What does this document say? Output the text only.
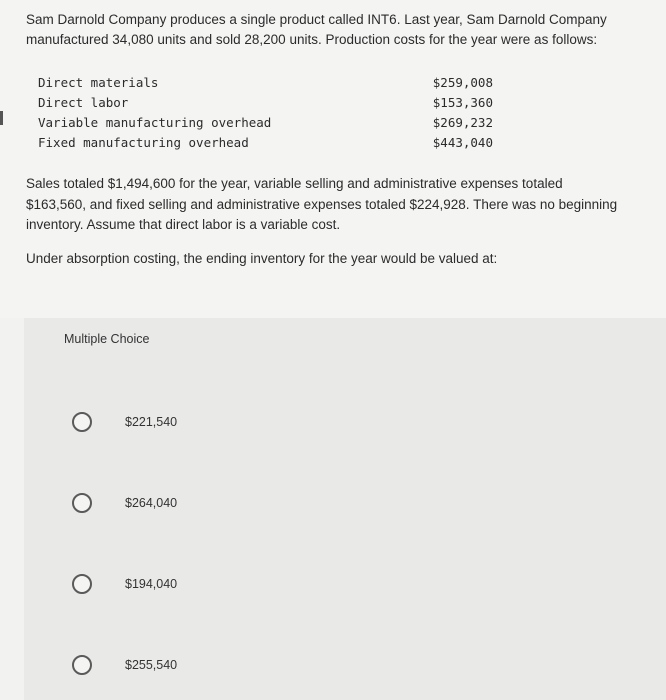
Sam Darnold Company produces a single product called INT6. Last year, Sam Darnold Company manufactured 34,080 units and sold 28,200 units. Production costs for the year were as follows:

Direct materials	$259,008
Direct labor	$153,360
Variable manufacturing overhead	$269,232
Fixed manufacturing overhead	$443,040

Sales totaled $1,494,600 for the year, variable selling and administrative expenses totaled $163,560, and fixed selling and administrative expenses totaled $224,928. There was no beginning inventory. Assume that direct labor is a variable cost.

Under absorption costing, the ending inventory for the year would be valued at:

Multiple Choice
$221,540
$264,040
$194,040
$255,540
